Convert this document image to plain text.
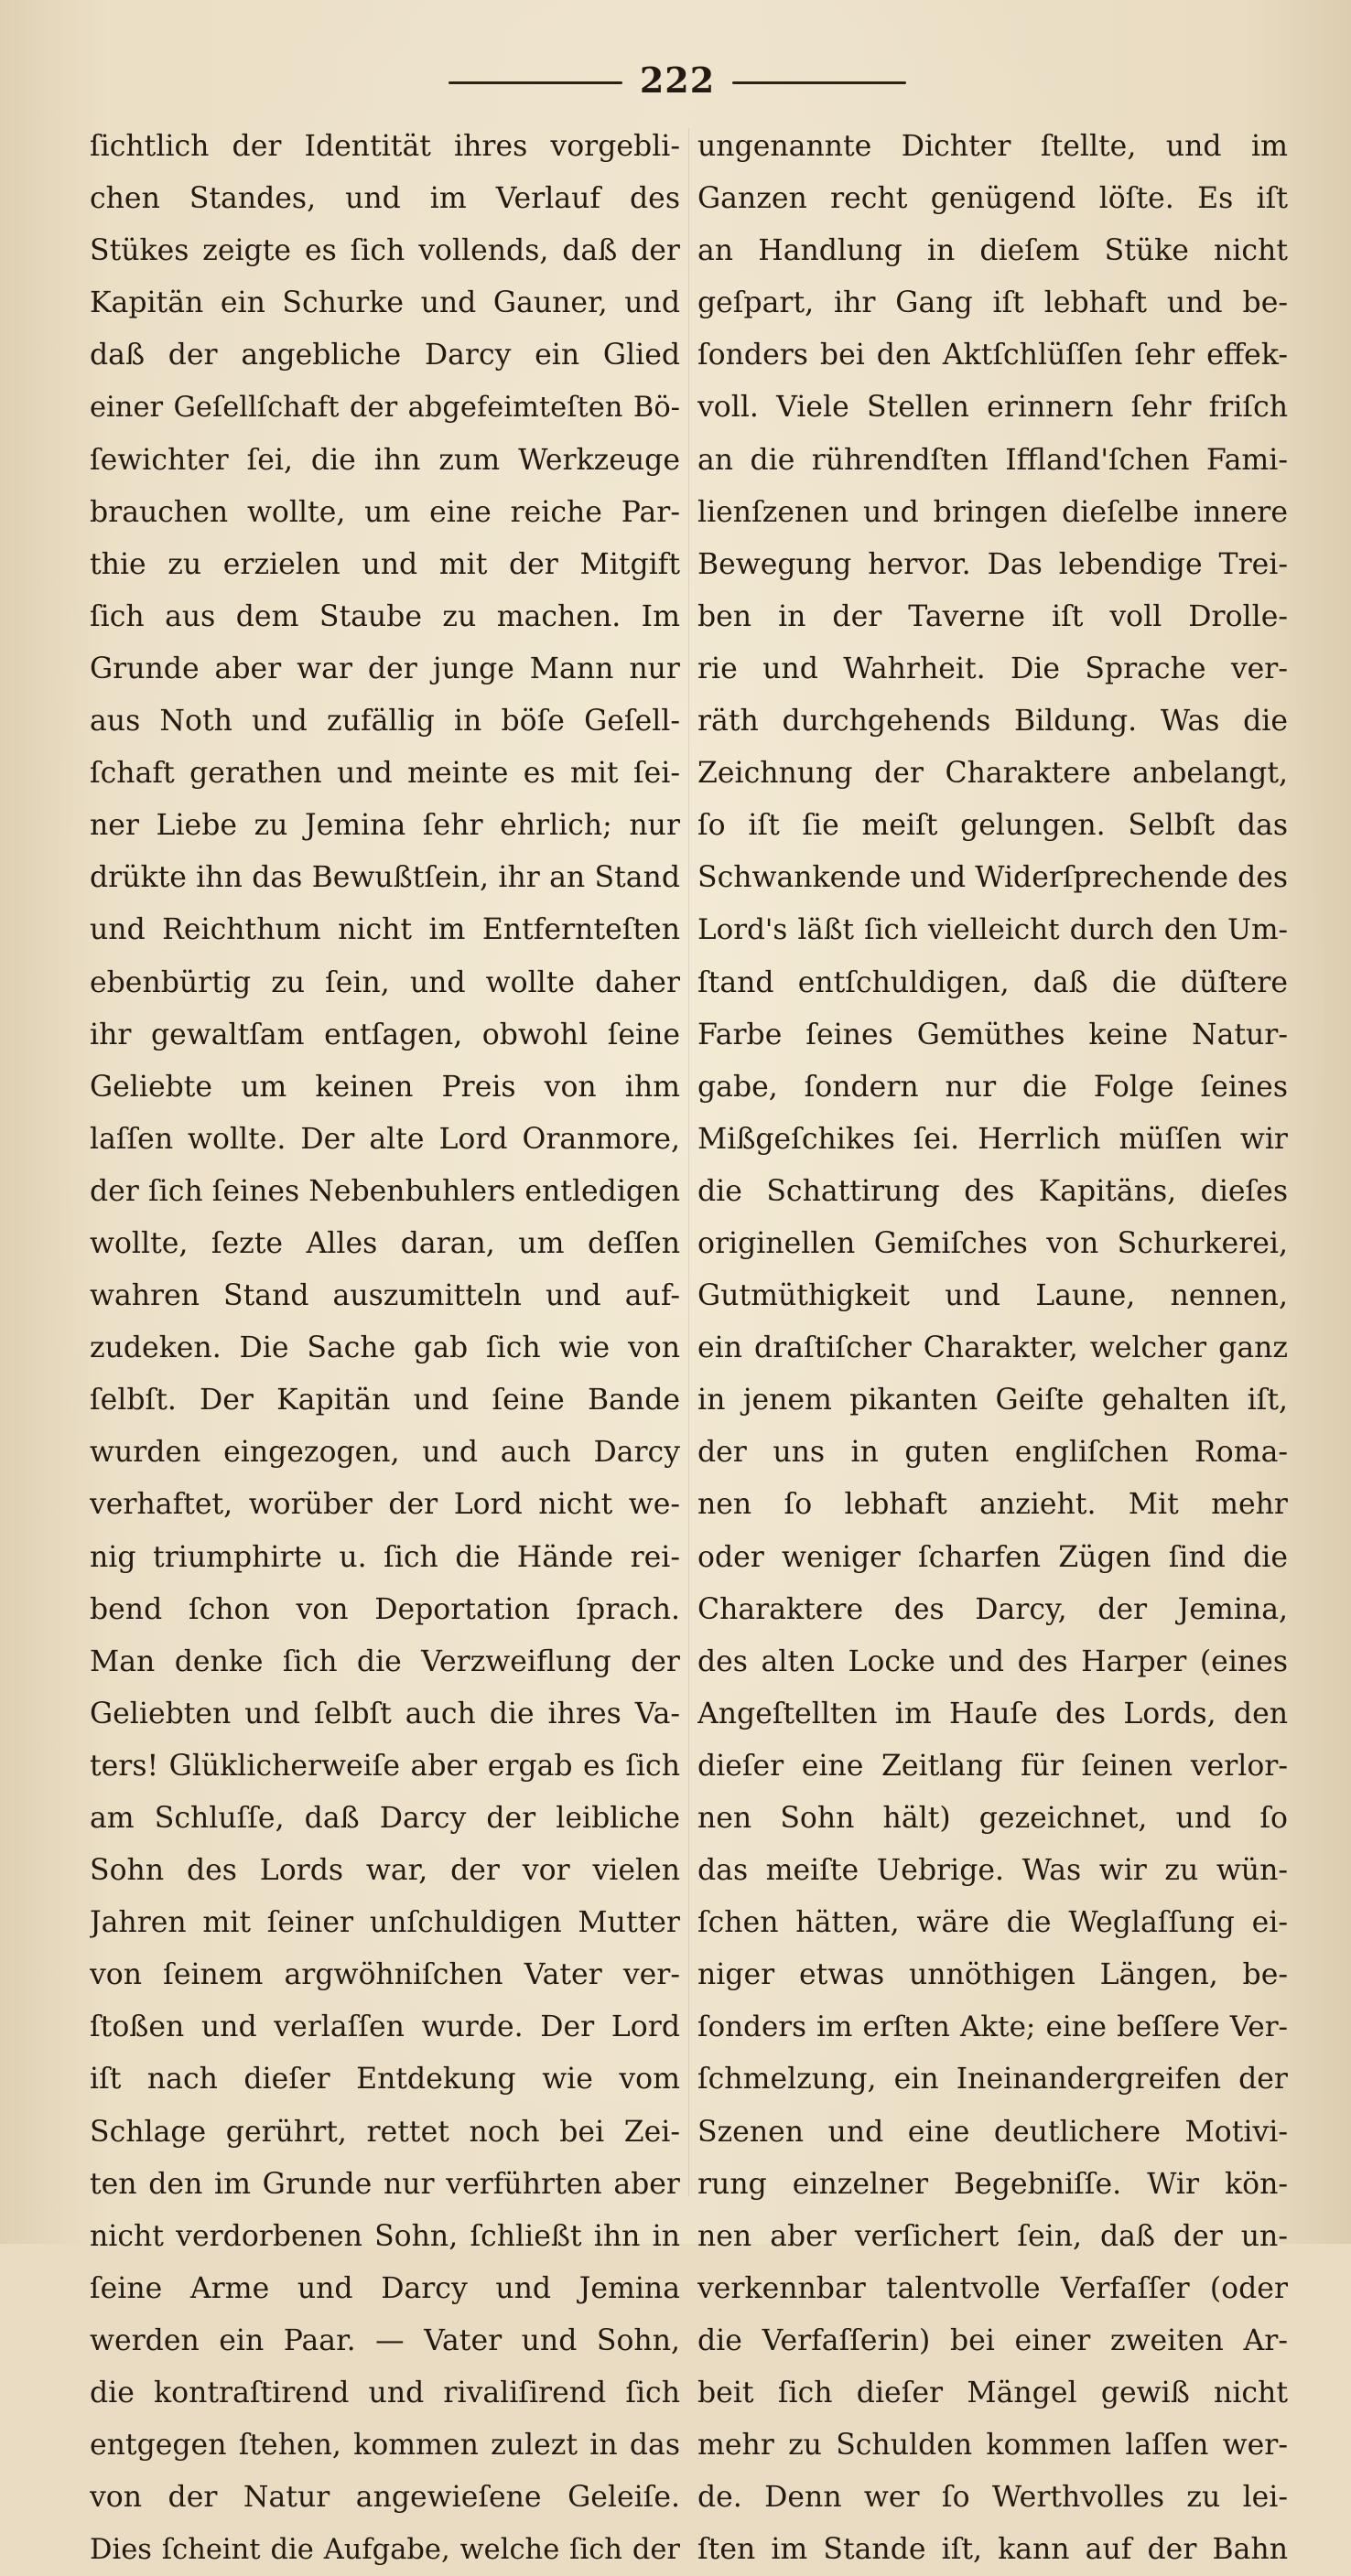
222
ſichtlich der Identität ihres vorgebli-
chen Standes, und im Verlauf des
Stükes zeigte es ſich vollends, daß der
Kapitän ein Schurke und Gauner, und
daß der angebliche Darcy ein Glied
einer Geſellſchaft der abgefeimteſten Bö-
ſewichter ſei, die ihn zum Werkzeuge
brauchen wollte, um eine reiche Par-
thie zu erzielen und mit der Mitgift
ſich aus dem Staube zu machen. Im
Grunde aber war der junge Mann nur
aus Noth und zufällig in böſe Geſell-
ſchaft gerathen und meinte es mit ſei-
ner Liebe zu Jemina ſehr ehrlich; nur
drükte ihn das Bewußtſein, ihr an Stand
und Reichthum nicht im Entfernteſten
ebenbürtig zu ſein, und wollte daher
ihr gewaltſam entſagen, obwohl ſeine
Geliebte um keinen Preis von ihm
laſſen wollte. Der alte Lord Oranmore,
der ſich ſeines Nebenbuhlers entledigen
wollte, ſezte Alles daran, um deſſen
wahren Stand auszumitteln und auf-
zudeken. Die Sache gab ſich wie von
ſelbſt. Der Kapitän und ſeine Bande
wurden eingezogen, und auch Darcy
verhaftet, worüber der Lord nicht we-
nig triumphirte u. ſich die Hände rei-
bend ſchon von Deportation ſprach.
Man denke ſich die Verzweiflung der
Geliebten und ſelbſt auch die ihres Va-
ters! Glüklicherweiſe aber ergab es ſich
am Schluſſe, daß Darcy der leibliche
Sohn des Lords war, der vor vielen
Jahren mit ſeiner unſchuldigen Mutter
von ſeinem argwöhniſchen Vater ver-
ſtoßen und verlaſſen wurde. Der Lord
iſt nach dieſer Entdekung wie vom
Schlage gerührt, rettet noch bei Zei-
ten den im Grunde nur verführten aber
nicht verdorbenen Sohn, ſchließt ihn in
ſeine Arme und Darcy und Jemina
werden ein Paar. — Vater und Sohn,
die kontraſtirend und rivaliſirend ſich
entgegen ſtehen, kommen zulezt in das
von der Natur angewieſene Geleiſe.
Dies ſcheint die Aufgabe, welche ſich der
ungenannte Dichter ſtellte, und im
Ganzen recht genügend löſte. Es iſt
an Handlung in dieſem Stüke nicht
geſpart, ihr Gang iſt lebhaft und be-
ſonders bei den Aktſchlüſſen ſehr effek-
voll. Viele Stellen erinnern ſehr friſch
an die rührendſten Iffland'ſchen Fami-
lienſzenen und bringen dieſelbe innere
Bewegung hervor. Das lebendige Trei-
ben in der Taverne iſt voll Drolle-
rie und Wahrheit. Die Sprache ver-
räth durchgehends Bildung. Was die
Zeichnung der Charaktere anbelangt,
ſo iſt ſie meiſt gelungen. Selbſt das
Schwankende und Widerſprechende des
Lord's läßt ſich vielleicht durch den Um-
ſtand entſchuldigen, daß die düſtere
Farbe ſeines Gemüthes keine Natur-
gabe, ſondern nur die Folge ſeines
Mißgeſchikes ſei. Herrlich müſſen wir
die Schattirung des Kapitäns, dieſes
originellen Gemiſches von Schurkerei,
Gutmüthigkeit und Laune, nennen,
ein draſtiſcher Charakter, welcher ganz
in jenem pikanten Geiſte gehalten iſt,
der uns in guten engliſchen Roma-
nen ſo lebhaft anzieht. Mit mehr
oder weniger ſcharfen Zügen ſind die
Charaktere des Darcy, der Jemina,
des alten Locke und des Harper (eines
Angeſtellten im Hauſe des Lords, den
dieſer eine Zeitlang für ſeinen verlor-
nen Sohn hält) gezeichnet, und ſo
das meiſte Uebrige. Was wir zu wün-
ſchen hätten, wäre die Weglaſſung ei-
niger etwas unnöthigen Längen, be-
ſonders im erſten Akte; eine beſſere Ver-
ſchmelzung, ein Ineinandergreifen der
Szenen und eine deutlichere Motivi-
rung einzelner Begebniſſe. Wir kön-
nen aber verſichert ſein, daß der un-
verkennbar talentvolle Verfaſſer (oder
die Verfaſſerin) bei einer zweiten Ar-
beit ſich dieſer Mängel gewiß nicht
mehr zu Schulden kommen laſſen wer-
de. Denn wer ſo Werthvolles zu lei-
ſten im Stande iſt, kann auf der Bahn
